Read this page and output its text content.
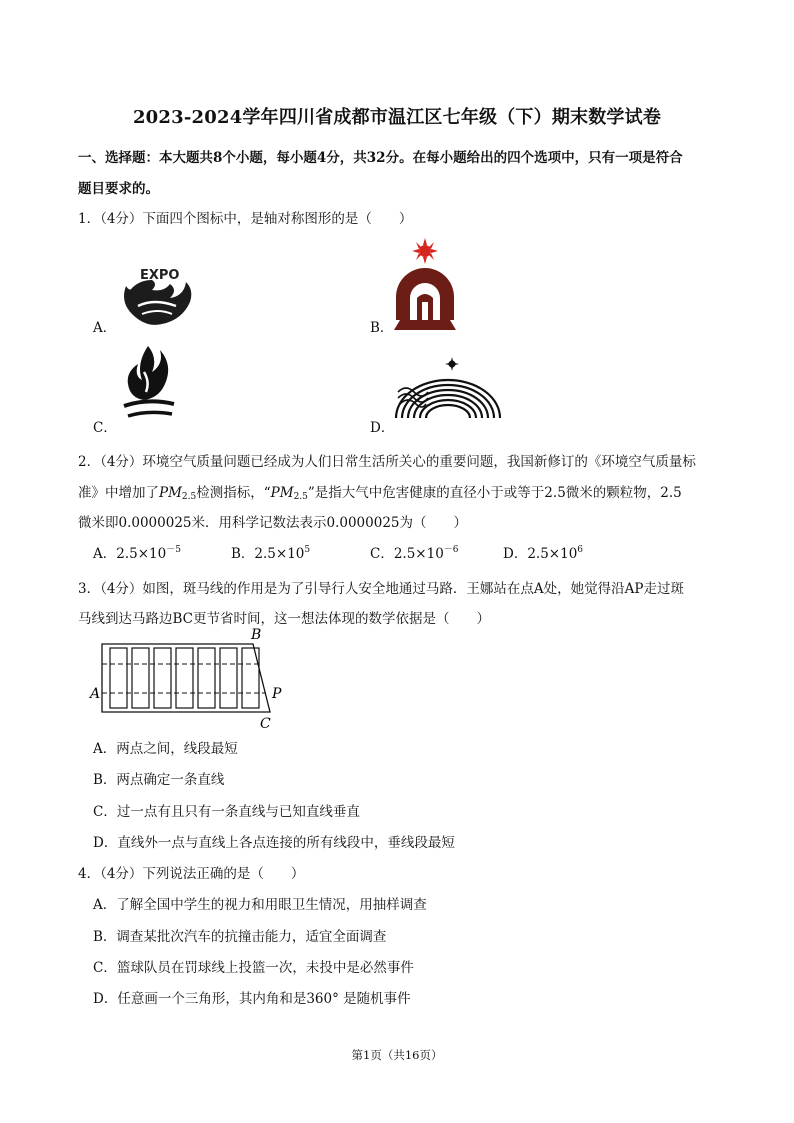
2023-2024学年四川省成都市温江区七年级（下）期末数学试卷
一、选择题：本大题共8个小题，每小题4分，共32分。在每小题给出的四个选项中，只有一项是符合
题目要求的。
1．（4分）下面四个图标中，是轴对称图形的是（　　）
A．
EXPO
B．
C．	D．
2．（4分）环境空气质量问题已经成为人们日常生活所关心的重要问题，我国新修订的《环境空气质量标
准》中增加了$PM_{2.5}$检测指标，“$PM_{2.5}$”是指大气中危害健康的直径小于或等于2.5微米的颗粒物，2.5
微米即0.0000025米．用科学记数法表示0.0000025为（　　）
A．$2.5\times 10^{-5}$	B．$2.5\times 10^5$	C．$2.5\times 10^{-6}$	D．$2.5\times 10^6$
3．（4分）如图，斑马线的作用是为了引导行人安全地通过马路．王娜站在点A处，她觉得沿AP走过斑
马线到达马路边BC更节省时间，这一想法体现的数学依据是（　　）
A
B
P
C
A．两点之间，线段最短
B．两点确定一条直线
C．过一点有且只有一条直线与已知直线垂直
D．直线外一点与直线上各点连接的所有线段中，垂线段最短
4．（4分）下列说法正确的是（　　）
A．了解全国中学生的视力和用眼卫生情况，用抽样调查
B．调查某批次汽车的抗撞击能力，适宜全面调查
C．篮球队员在罚球线上投篮一次，未投中是必然事件
D．任意画一个三角形，其内角和是360° 是随机事件
第1页（共16页）
